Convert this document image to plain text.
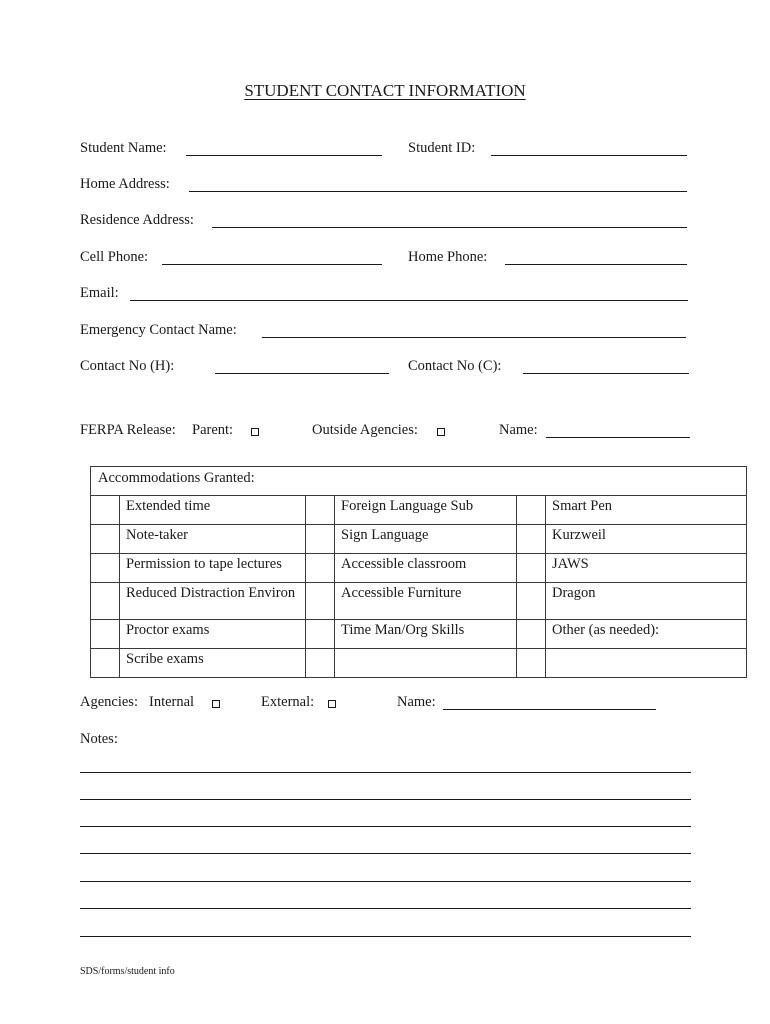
STUDENT CONTACT INFORMATION
Student Name:	Student ID:
Home Address:
Residence Address:
Cell Phone:	Home Phone:
Email:
Emergency Contact Name:
Contact No (H):	Contact No (C):
FERPA Release: Parent:	Outside Agencies:	Name:
Accommodations Granted:					
	Extended time		Foreign Language Sub		Smart Pen
	Note-taker		Sign Language		Kurzweil
	Permission to tape lectures		Accessible classroom		JAWS
	Reduced Distraction Environ		Accessible Furniture		Dragon
	Proctor exams		Time Man/Org Skills		Other (as needed):
	Scribe exams				
Agencies: Internal	External:	Name:
Notes:
SDS/forms/student info
